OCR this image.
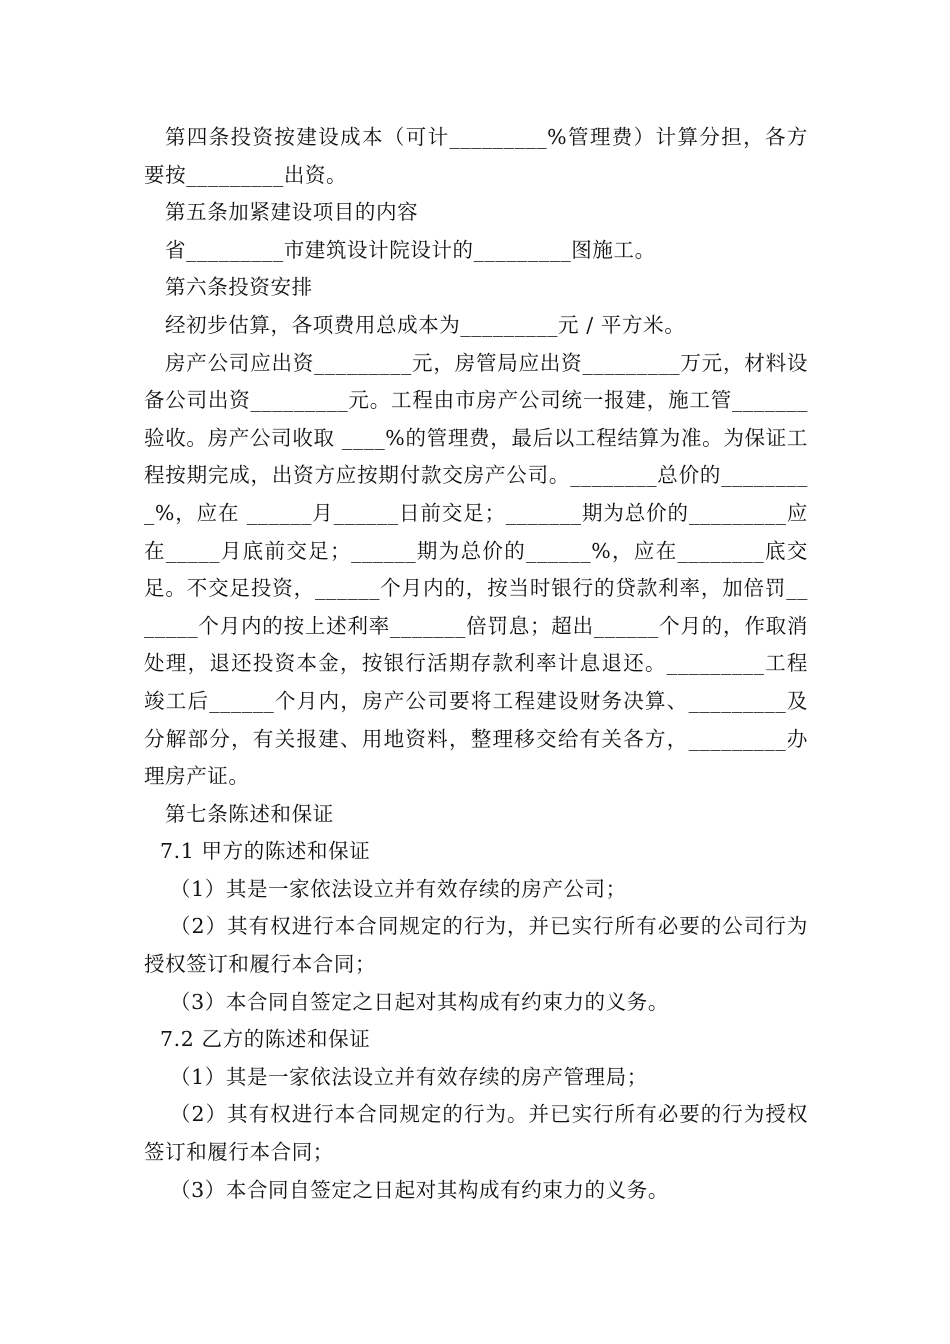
第四条投资按建设成本（可计_________%管理费）计算分担，各方要按_________出资。

第五条加紧建设项目的内容

省_________市建筑设计院设计的_________图施工。

第六条投资安排

经初步估算，各项费用总成本为_________元 / 平方米。

房产公司应出资_________元，房管局应出资_________万元，材料设备公司出资_________元。工程由市房产公司统一报建，施工管_______验收。房产公司收取 ____%的管理费，最后以工程结算为准。为保证工程按期完成，出资方应按期付款交房产公司。________总价的_________%，应在 ______月______日前交足；_______期为总价的_________应在_____月底前交足；______期为总价的______%，应在________底交足。不交足投资，______个月内的，按当时银行的贷款利率，加倍罚_______个月内的按上述利率_______倍罚息；超出______个月的，作取消处理，退还投资本金，按银行活期存款利率计息退还。_________工程竣工后______个月内，房产公司要将工程建设财务决算、_________及分解部分，有关报建、用地资料，整理移交给有关各方，_________办理房产证。

第七条陈述和保证

7.1 甲方的陈述和保证

（1）其是一家依法设立并有效存续的房产公司；

（2）其有权进行本合同规定的行为，并已实行所有必要的公司行为授权签订和履行本合同；

（3）本合同自签定之日起对其构成有约束力的义务。

7.2 乙方的陈述和保证

（1）其是一家依法设立并有效存续的房产管理局；

（2）其有权进行本合同规定的行为。并已实行所有必要的行为授权签订和履行本合同；

（3）本合同自签定之日起对其构成有约束力的义务。
